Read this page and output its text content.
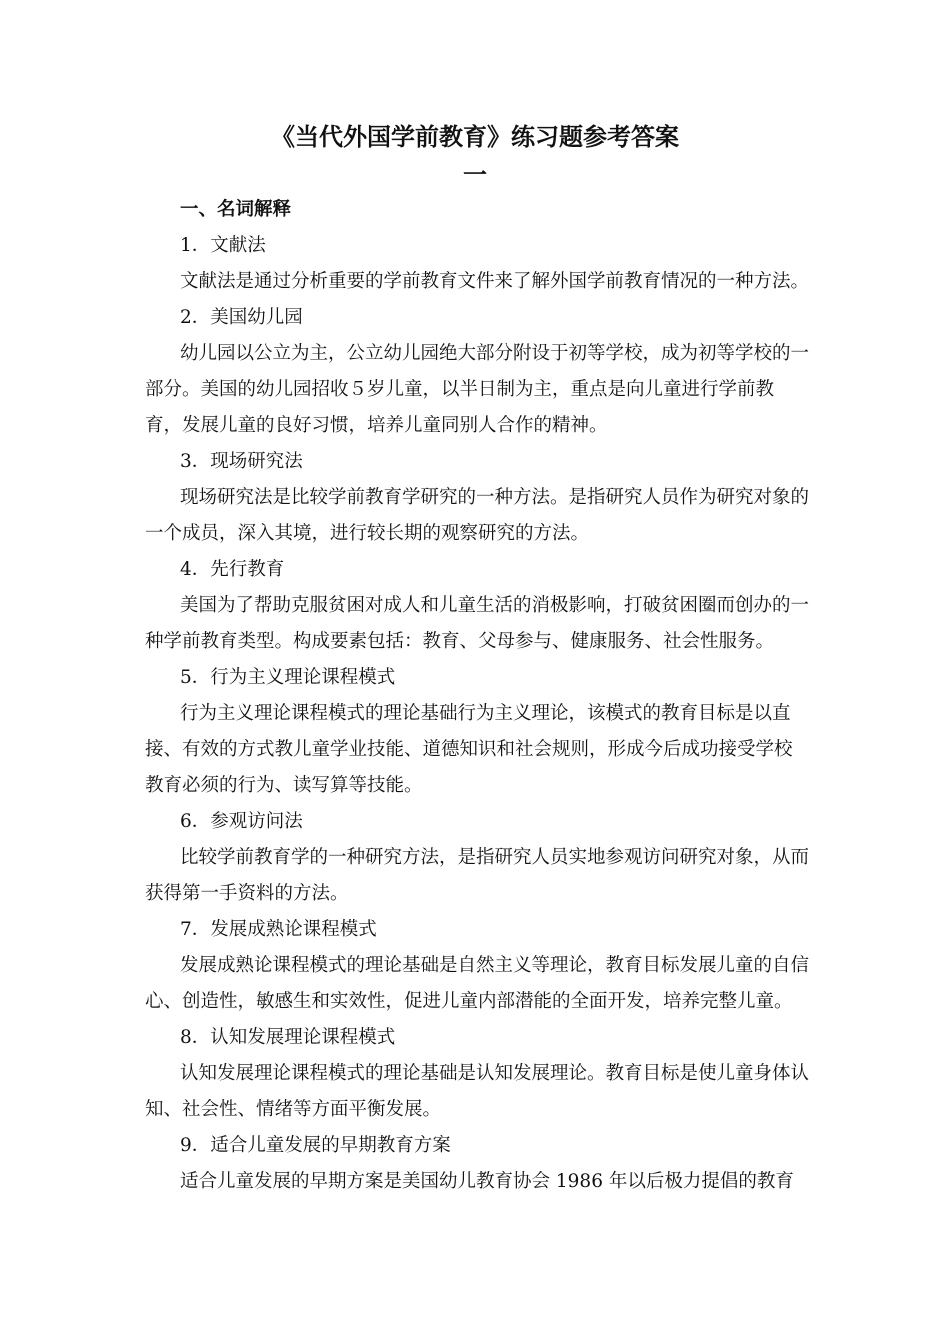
《当代外国学前教育》练习题参考答案
一

一、名词解释

1．文献法

文献法是通过分析重要的学前教育文件来了解外国学前教育情况的一种方法。

2．美国幼儿园

幼儿园以公立为主，公立幼儿园绝大部分附设于初等学校，成为初等学校的一部分。美国的幼儿园招收５岁儿童，以半日制为主，重点是向儿童进行学前教育，发展儿童的良好习惯，培养儿童同别人合作的精神。

3．现场研究法

现场研究法是比较学前教育学研究的一种方法。是指研究人员作为研究对象的一个成员，深入其境，进行较长期的观察研究的方法。

4．先行教育

美国为了帮助克服贫困对成人和儿童生活的消极影响，打破贫困圈而创办的一种学前教育类型。构成要素包括：教育、父母参与、健康服务、社会性服务。

5．行为主义理论课程模式

行为主义理论课程模式的理论基础行为主义理论，该模式的教育目标是以直接、有效的方式教儿童学业技能、道德知识和社会规则，形成今后成功接受学校教育必须的行为、读写算等技能。

6．参观访问法

比较学前教育学的一种研究方法，是指研究人员实地参观访问研究对象，从而获得第一手资料的方法。

7．发展成熟论课程模式

发展成熟论课程模式的理论基础是自然主义等理论，教育目标发展儿童的自信心、创造性，敏感生和实效性，促进儿童内部潜能的全面开发，培养完整儿童。

8．认知发展理论课程模式

认知发展理论课程模式的理论基础是认知发展理论。教育目标是使儿童身体认知、社会性、情绪等方面平衡发展。

9．适合儿童发展的早期教育方案

适合儿童发展的早期方案是美国幼儿教育协会 1986 年以后极力提倡的教育
